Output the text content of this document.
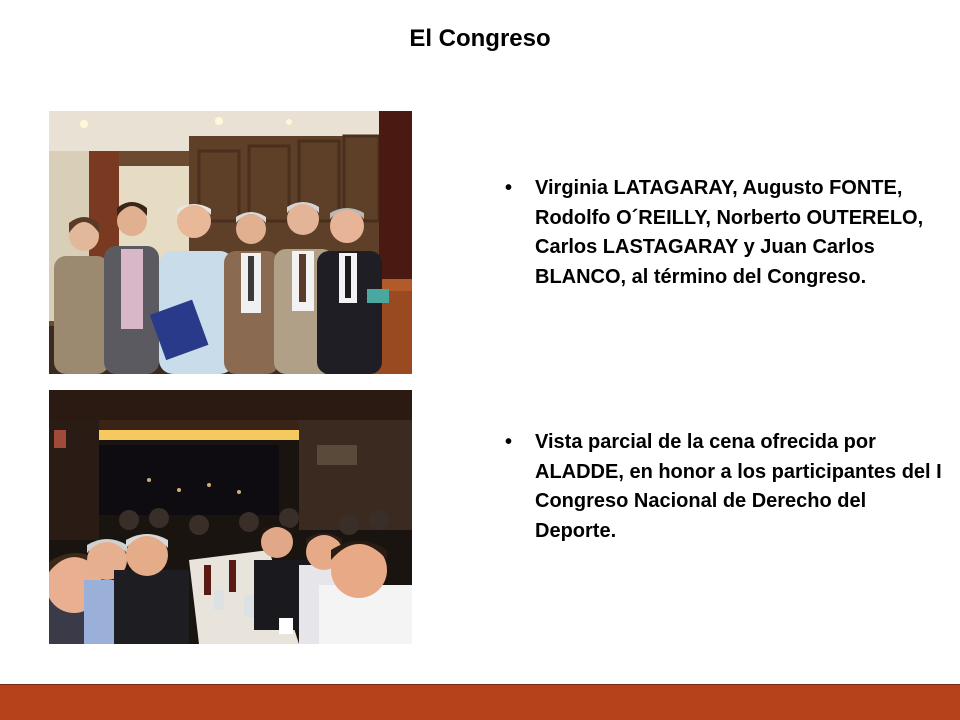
El Congreso
• Virginia LATAGARAY, Augusto FONTE, Rodolfo O´REILLY, Norberto OUTERELO, Carlos LASTAGARAY y Juan Carlos BLANCO, al término del Congreso.
• Vista parcial de la cena ofrecida por ALADDE, en honor a los participantes del I Congreso Nacional de Derecho del Deporte.
